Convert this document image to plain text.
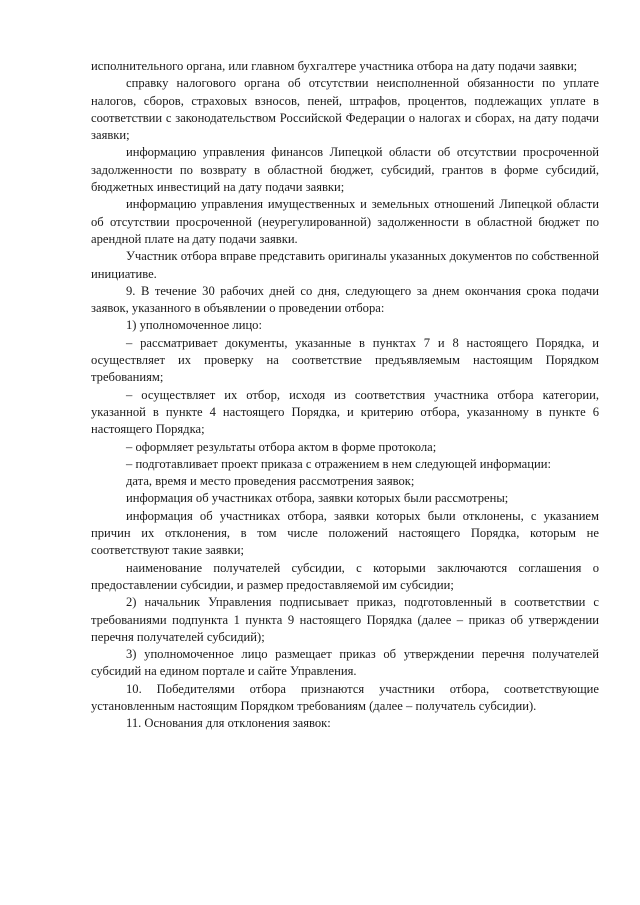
исполнительного органа, или главном бухгалтере участника отбора на дату подачи заявки;

справку налогового органа об отсутствии неисполненной обязанности по уплате налогов, сборов, страховых взносов, пеней, штрафов, процентов, подлежащих уплате в соответствии с законодательством Российской Федерации о налогах и сборах, на дату подачи заявки;

информацию управления финансов Липецкой области об отсутствии просроченной задолженности по возврату в областной бюджет, субсидий, грантов в форме субсидий, бюджетных инвестиций на дату подачи заявки;

информацию управления имущественных и земельных отношений Липецкой области об отсутствии просроченной (неурегулированной) задолженности в областной бюджет по арендной плате на дату подачи заявки.

Участник отбора вправе представить оригиналы указанных документов по собственной инициативе.

9. В течение 30 рабочих дней со дня, следующего за днем окончания срока подачи заявок, указанного в объявлении о проведении отбора:

1) уполномоченное лицо:

– рассматривает документы, указанные в пунктах 7 и 8 настоящего Порядка, и осуществляет их проверку на соответствие предъявляемым настоящим Порядком требованиям;

– осуществляет их отбор, исходя из соответствия участника отбора категории, указанной в пункте 4 настоящего Порядка, и критерию отбора, указанному в пункте 6 настоящего Порядка;

– оформляет результаты отбора актом в форме протокола;

– подготавливает проект приказа с отражением в нем следующей информации:

дата, время и место проведения рассмотрения заявок;

информация об участниках отбора, заявки которых были рассмотрены;

информация об участниках отбора, заявки которых были отклонены, с указанием причин их отклонения, в том числе положений настоящего Порядка, которым не соответствуют такие заявки;

наименование получателей субсидии, с которыми заключаются соглашения о предоставлении субсидии, и размер предоставляемой им субсидии;

2) начальник Управления подписывает приказ, подготовленный в соответствии с требованиями подпункта 1 пункта 9 настоящего Порядка (далее – приказ об утверждении перечня получателей субсидий);

3) уполномоченное лицо размещает приказ об утверждении перечня получателей субсидий на едином портале и сайте Управления.

10. Победителями отбора признаются участники отбора, соответствующие установленным настоящим Порядком требованиям (далее – получатель субсидии).

11. Основания для отклонения заявок:
